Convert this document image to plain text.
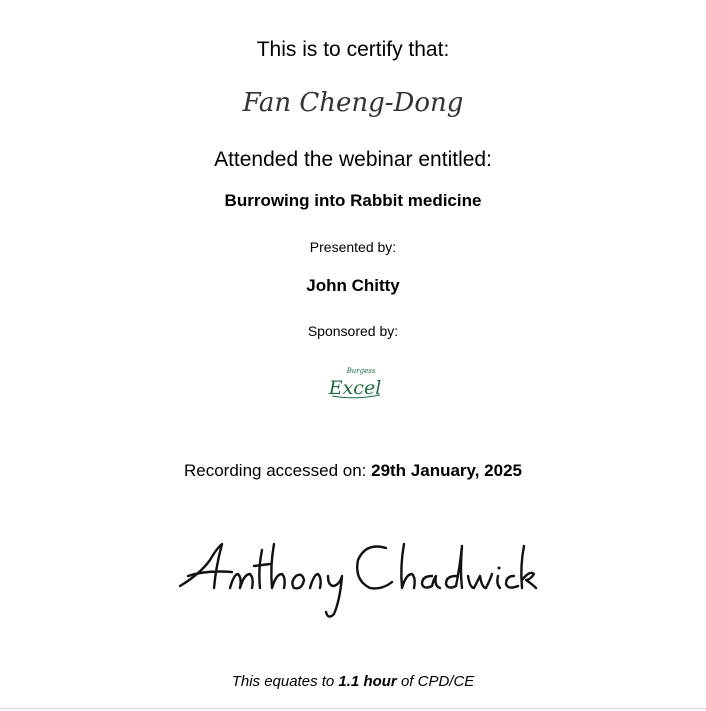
This is to certify that:
Fan Cheng-Dong
Attended the webinar entitled:
Burrowing into Rabbit medicine
Presented by:
John Chitty
Sponsored by:
Burgess
Excel
Recording accessed on: 29th January, 2025
This equates to 1.1 hour of CPD/CE
